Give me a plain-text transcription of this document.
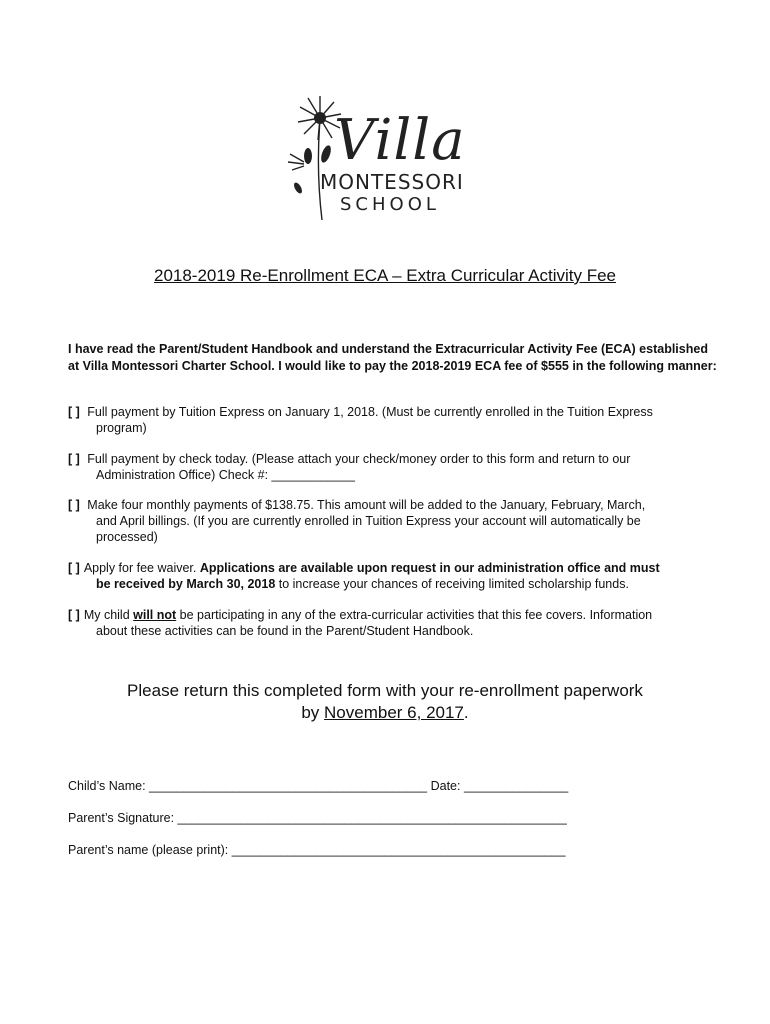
Villa
MONTESSORI
SCHOOL
2018-2019 Re-Enrollment ECA – Extra Curricular Activity Fee
I have read the Parent/Student Handbook and understand the Extracurricular Activity Fee (ECA) established at Villa Montessori Charter School. I would like to pay the 2018-2019 ECA fee of $555 in the following manner:
[ ] Full payment by Tuition Express on January 1, 2018. (Must be currently enrolled in the Tuition Express
program)
[ ] Full payment by check today. (Please attach your check/money order to this form and return to our
Administration Office) Check #: ____________
[ ] Make four monthly payments of $138.75. This amount will be added to the January, February, March,
and April billings. (If you are currently enrolled in Tuition Express your account will automatically be
processed)
[ ] Apply for fee waiver. Applications are available upon request in our administration office and must
be received by March 30, 2018 to increase your chances of receiving limited scholarship funds.
[ ] My child will not be participating in any of the extra-curricular activities that this fee covers. Information
about these activities can be found in the Parent/Student Handbook.
Please return this completed form with your re-enrollment paperwork
by November 6, 2017.
Child’s Name: ________________________________________ Date: _______________
Parent’s Signature: ________________________________________________________
Parent’s name (please print): ________________________________________________
